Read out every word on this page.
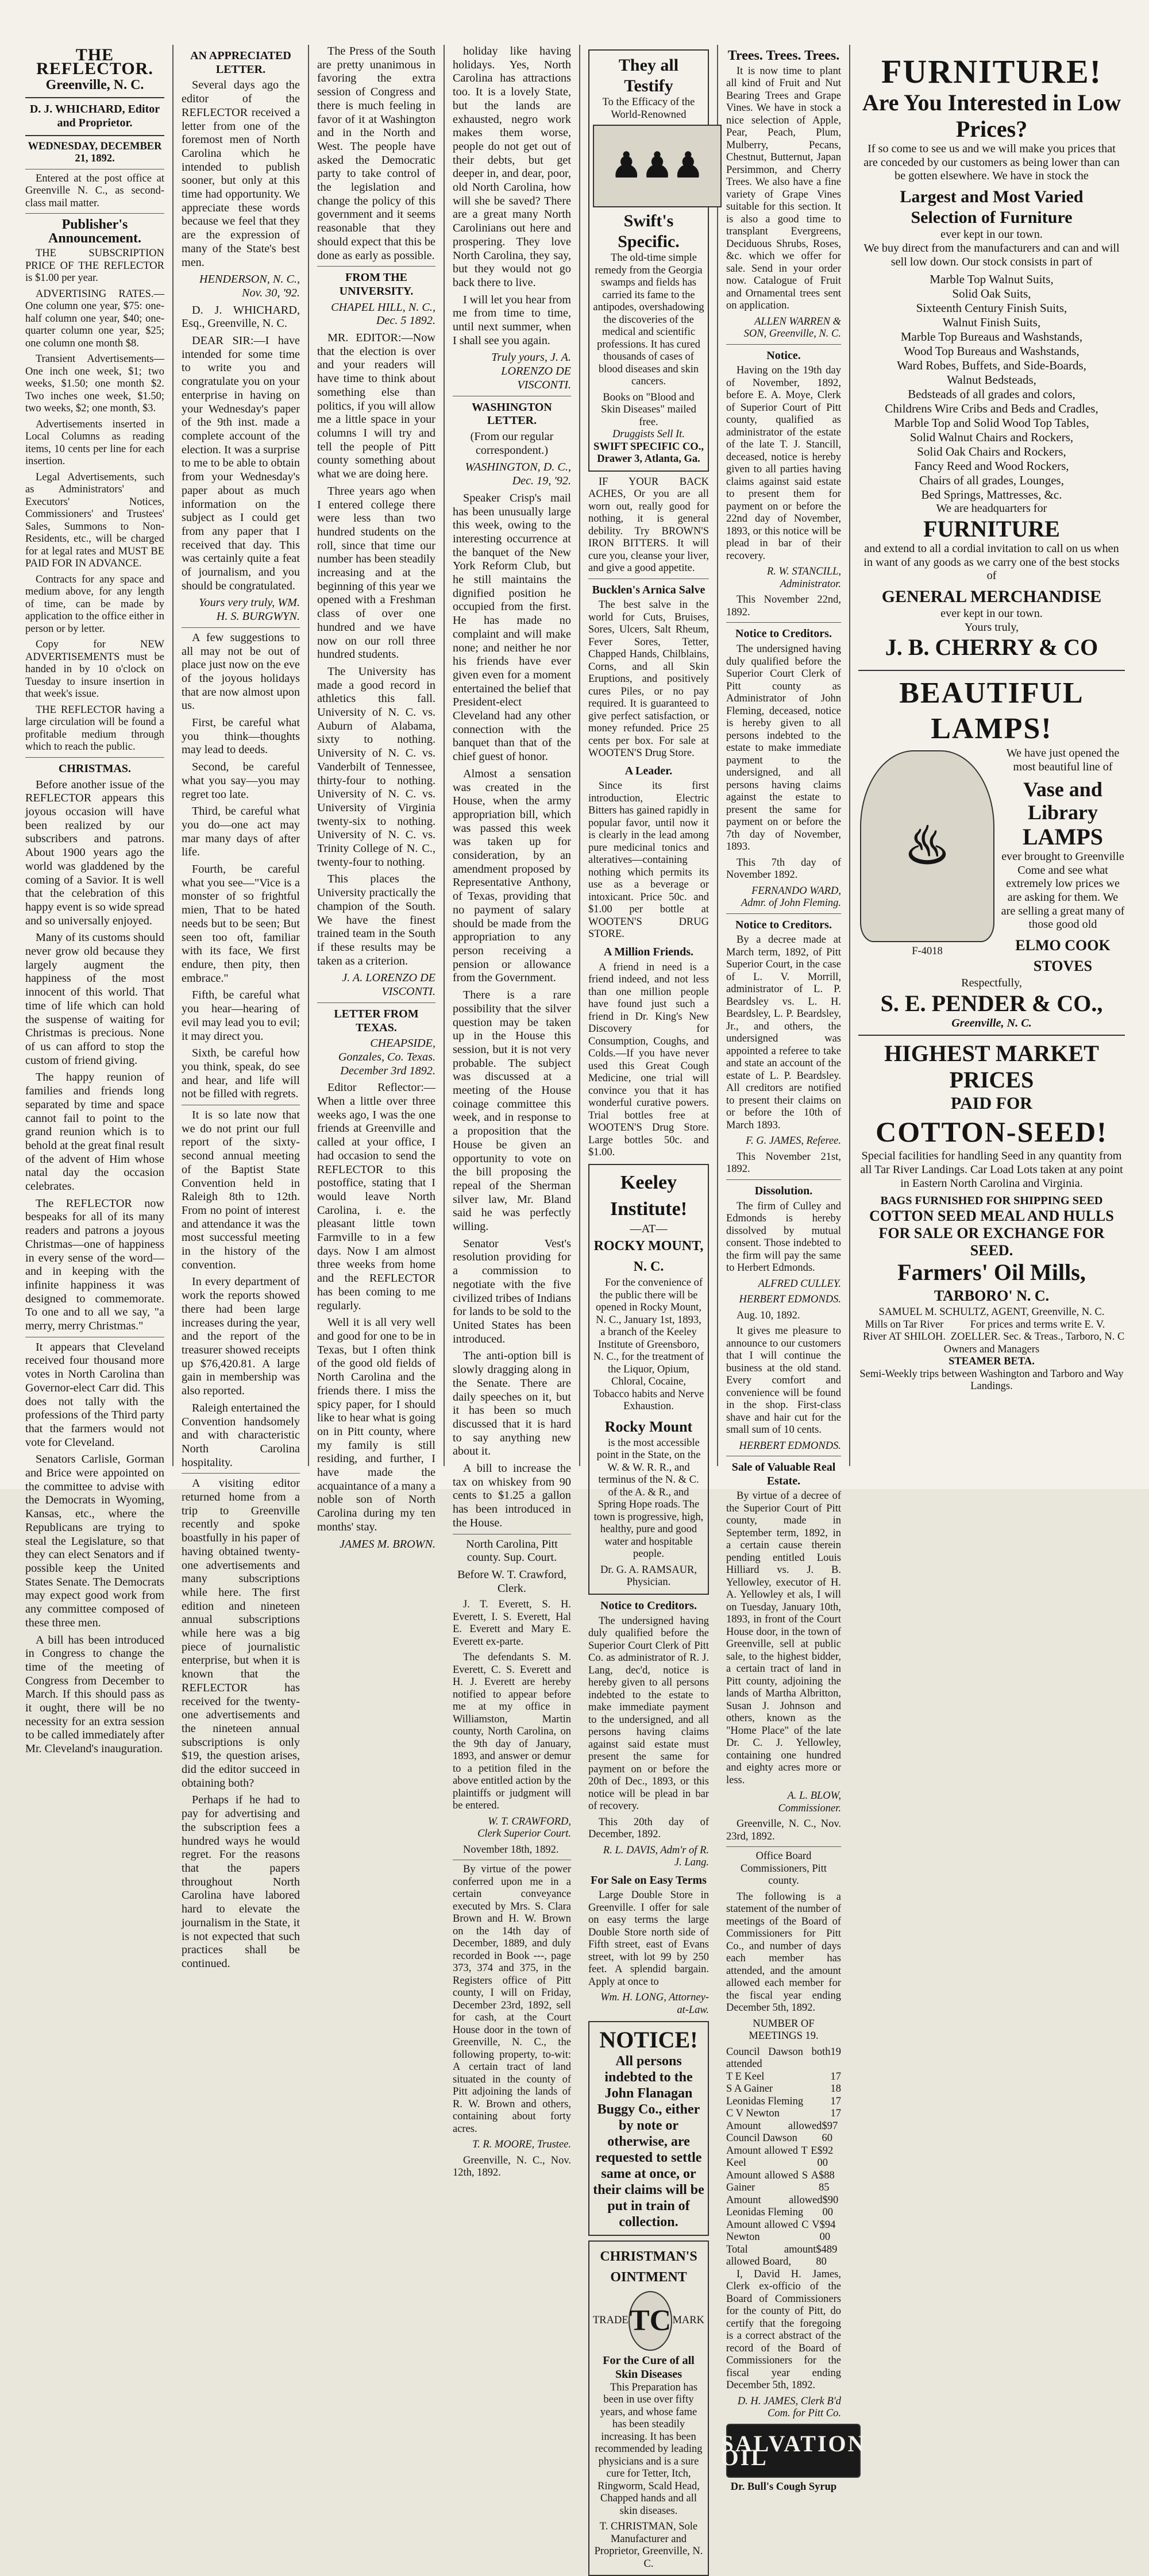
THE REFLECTOR.
Greenville, N. C.
D. J. WHICHARD, Editor and Proprietor.
WEDNESDAY, DECEMBER 21, 1892.

Entered at the post office at Greenville N. C., as second-class mail matter.

Publisher's Announcement.

THE SUBSCRIPTION PRICE OF THE REFLECTOR is $1.00 per year.

ADVERTISING RATES.—One column one year, $75: one-half column one year, $40; one-quarter column one year, $25; one column one month $8.

Transient Advertisements—One inch one week, $1; two weeks, $1.50; one month $2. Two inches one week, $1.50; two weeks, $2; one month, $3.

Advertisements inserted in Local Columns as reading items, 10 cents per line for each insertion.

Legal Advertisements, such as Administrators' and Executors' Notices, Commissioners' and Trustees' Sales, Summons to Non-Residents, etc., will be charged for at legal rates and MUST BE PAID FOR IN ADVANCE.

Contracts for any space and medium above, for any length of time, can be made by application to the office either in person or by letter.

Copy for NEW ADVERTISEMENTS must be handed in by 10 o'clock on Tuesday to insure insertion in that week's issue.

THE REFLECTOR having a large circulation will be found a profitable medium through which to reach the public.

CHRISTMAS.

Before another issue of the REFLECTOR appears this joyous occasion will have been realized by our subscribers and patrons. About 1900 years ago the world was gladdened by the coming of a Savior. It is well that the celebration of this happy event is so wide spread and so universally enjoyed.

Many of its customs should never grow old because they largely augment the happiness of the most innocent of this world. That time of life which can hold the suspense of waiting for Christmas is precious. None of us can afford to stop the custom of friend giving.

The happy reunion of families and friends long separated by time and space cannot fail to point to the grand reunion which is to behold at the great final result of the advent of Him whose natal day the occasion celebrates.

The REFLECTOR now bespeaks for all of its many readers and patrons a joyous Christmas—one of happiness in every sense of the word—and in keeping with the infinite happiness it was designed to commemorate. To one and to all we say, "a merry, merry Christmas."

It appears that Cleveland received four thousand more votes in North Carolina than Governor-elect Carr did. This does not tally with the professions of the Third party that the farmers would not vote for Cleveland.

Senators Carlisle, Gorman and Brice were appointed on the committee to advise with the Democrats in Wyoming, Kansas, etc., where the Republicans are trying to steal the Legislature, so that they can elect Senators and if possible keep the United States Senate. The Democrats may expect good work from any committee composed of these three men.

A bill has been introduced in Congress to change the time of the meeting of Congress from December to March. If this should pass as it ought, there will be no necessity for an extra session to be called immediately after Mr. Cleveland's inauguration.

AN APPRECIATED LETTER.

Several days ago the editor of the REFLECTOR received a letter from one of the foremost men of North Carolina which he intended to publish sooner, but only at this time had opportunity. We appreciate these words because we feel that they are the expression of many of the State's best men.

HENDERSON, N. C., Nov. 30, '92.

D. J. WHICHARD, Esq., Greenville, N. C.

DEAR SIR:—I have intended for some time to write you and congratulate you on your enterprise in having on your Wednesday's paper of the 9th inst. made a complete account of the election. It was a surprise to me to be able to obtain from your Wednesday's paper about as much information on the subject as I could get from any paper that I received that day. This was certainly quite a feat of journalism, and you should be congratulated.

Yours very truly, WM. H. S. BURGWYN.

A few suggestions to all may not be out of place just now on the eve of the joyous holidays that are now almost upon us.

First, be careful what you think—thoughts may lead to deeds.

Second, be careful what you say—you may regret too late.

Third, be careful what you do—one act may mar many days of after life.

Fourth, be careful what you see—"Vice is a monster of so frightful mien, That to be hated needs but to be seen; But seen too oft, familiar with its face, We first endure, then pity, then embrace."

Fifth, be careful what you hear—hearing of evil may lead you to evil; it may direct you.

Sixth, be careful how you think, speak, do see and hear, and life will not be filled with regrets.

It is so late now that we do not print our full report of the sixty-second annual meeting of the Baptist State Convention held in Raleigh 8th to 12th. From no point of interest and attendance it was the most successful meeting in the history of the convention.

In every department of work the reports showed there had been large increases during the year, and the report of the treasurer showed receipts up $76,420.81. A large gain in membership was also reported.

Raleigh entertained the Convention handsomely and with characteristic North Carolina hospitality.

A visiting editor returned home from a trip to Greenville recently and spoke boastfully in his paper of having obtained twenty-one advertisements and many subscriptions while here. The first edition and nineteen annual subscriptions while here was a big piece of journalistic enterprise, but when it is known that the REFLECTOR has received for the twenty-one advertisements and the nineteen annual subscriptions is only $19, the question arises, did the editor succeed in obtaining both?

Perhaps if he had to pay for advertising and the subscription fees a hundred ways he would regret. For the reasons that the papers throughout North Carolina have labored hard to elevate the journalism in the State, it is not expected that such practices shall be continued.

The Press of the South are pretty unanimous in favoring the extra session of Congress and there is much feeling in favor of it at Washington and in the North and West. The people have asked the Democratic party to take control of the legislation and change the policy of this government and it seems reasonable that they should expect that this be done as early as possible.

FROM THE UNIVERSITY.

CHAPEL HILL, N. C., Dec. 5 1892.

MR. EDITOR:—Now that the election is over and your readers will have time to think about something else than politics, if you will allow me a little space in your columns I will try and tell the people of Pitt county something about what we are doing here.

Three years ago when I entered college there were less than two hundred students on the roll, since that time our number has been steadily increasing and at the beginning of this year we opened with a Freshman class of over one hundred and we have now on our roll three hundred students.

The University has made a good record in athletics this fall. University of N. C. vs. Auburn of Alabama, sixty to nothing. University of N. C. vs. Vanderbilt of Tennessee, thirty-four to nothing. University of N. C. vs. University of Virginia twenty-six to nothing. University of N. C. vs. Trinity College of N. C., twenty-four to nothing.

This places the University practically the champion of the South. We have the finest trained team in the South if these results may be taken as a criterion.

J. A. LORENZO DE VISCONTI.

LETTER FROM TEXAS.

CHEAPSIDE, Gonzales, Co. Texas. December 3rd 1892.

Editor Reflector:—When a little over three weeks ago, I was the one friends at Greenville and called at your office, I had occasion to send the REFLECTOR to this postoffice, stating that I would leave North Carolina, i. e. the pleasant little town Farmville to in a few days. Now I am almost three weeks from home and the REFLECTOR has been coming to me regularly.

Well it is all very well and good for one to be in Texas, but I often think of the good old fields of North Carolina and the friends there. I miss the spicy paper, for I should like to hear what is going on in Pitt county, where my family is still residing, and further, I have made the acquaintance of a many a noble son of North Carolina during my ten months' stay.

JAMES M. BROWN.

holiday like having holidays. Yes, North Carolina has attractions too. It is a lovely State, but the lands are exhausted, negro work makes them worse, people do not get out of their debts, but get deeper in, and dear, poor, old North Carolina, how will she be saved? There are a great many North Carolinians out here and prospering. They love North Carolina, they say, but they would not go back there to live.

I will let you hear from me from time to time, until next summer, when I shall see you again.

Truly yours, J. A. LORENZO DE VISCONTI.

WASHINGTON LETTER.

(From our regular correspondent.)

WASHINGTON, D. C., Dec. 19, '92.

Speaker Crisp's mail has been unusually large this week, owing to the interesting occurrence at the banquet of the New York Reform Club, but he still maintains the dignified position he occupied from the first. He has made no complaint and will make none; and neither he nor his friends have ever given even for a moment entertained the belief that President-elect Cleveland had any other connection with the banquet than that of the chief guest of honor.

Almost a sensation was created in the House, when the army appropriation bill, which was passed this week was taken up for consideration, by an amendment proposed by Representative Anthony, of Texas, providing that no payment of salary should be made from the appropriation to any person receiving a pension or allowance from the Government.

There is a rare possibility that the silver question may be taken up in the House this session, but it is not very probable. The subject was discussed at a meeting of the House coinage committee this week, and in response to a proposition that the House be given an opportunity to vote on the bill proposing the repeal of the Sherman silver law, Mr. Bland said he was perfectly willing.

Senator Vest's resolution providing for a commission to negotiate with the five civilized tribes of Indians for lands to be sold to the United States has been introduced.

The anti-option bill is slowly dragging along in the Senate. There are daily speeches on it, but it has been so much discussed that it is hard to say anything new about it.

A bill to increase the tax on whiskey from 90 cents to $1.25 a gallon has been introduced in the House.

North Carolina, Pitt county. Sup. Court.

Before W. T. Crawford, Clerk.

J. T. Everett, S. H. Everett, I. S. Everett, Hal E. Everett and Mary E. Everett ex-parte.

The defendants S. M. Everett, C. S. Everett and H. J. Everett are hereby notified to appear before me at my office in Williamston, Martin county, North Carolina, on the 9th day of January, 1893, and answer or demur to a petition filed in the above entitled action by the plaintiffs or judgment will be entered.

W. T. CRAWFORD, Clerk Superior Court.

November 18th, 1892.

By virtue of the power conferred upon me in a certain conveyance executed by Mrs. S. Clara Brown and H. W. Brown on the 14th day of December, 1889, and duly recorded in Book ---, page 373, 374 and 375, in the Registers office of Pitt county, I will on Friday, December 23rd, 1892, sell for cash, at the Court House door in the town of Greenville, N. C., the following property, to-wit: A certain tract of land situated in the county of Pitt adjoining the lands of R. W. Brown and others, containing about forty acres.

T. R. MOORE, Trustee.

Greenville, N. C., Nov. 12th, 1892.

They all Testify
To the Efficacy of the World-Renowned
♟♟♟
Swift's Specific.

The old-time simple remedy from the Georgia swamps and fields has carried its fame to the antipodes, overshadowing the discoveries of the medical and scientific professions. It has cured thousands of cases of blood diseases and skin cancers.

Books on "Blood and Skin Diseases" mailed free.
Druggists Sell It.
SWIFT SPECIFIC CO., Drawer 3, Atlanta, Ga.

IF YOUR BACK ACHES, Or you are all worn out, really good for nothing, it is general debility. Try BROWN'S IRON BITTERS. It will cure you, cleanse your liver, and give a good appetite.

Bucklen's Arnica Salve

The best salve in the world for Cuts, Bruises, Sores, Ulcers, Salt Rheum, Fever Sores, Tetter, Chapped Hands, Chilblains, Corns, and all Skin Eruptions, and positively cures Piles, or no pay required. It is guaranteed to give perfect satisfaction, or money refunded. Price 25 cents per box. For sale at WOOTEN'S Drug Store.

A Leader.

Since its first introduction, Electric Bitters has gained rapidly in popular favor, until now it is clearly in the lead among pure medicinal tonics and alteratives—containing nothing which permits its use as a beverage or intoxicant. Price 50c. and $1.00 per bottle at WOOTEN'S DRUG STORE.

A Million Friends.

A friend in need is a friend indeed, and not less than one million people have found just such a friend in Dr. King's New Discovery for Consumption, Coughs, and Colds.—If you have never used this Great Cough Medicine, one trial will convince you that it has wonderful curative powers. Trial bottles free at WOOTEN'S Drug Store. Large bottles 50c. and $1.00.

Keeley Institute!
—AT—
ROCKY MOUNT, N. C.

For the convenience of the public there will be opened in Rocky Mount, N. C., January 1st, 1893, a branch of the Keeley Institute of Greensboro, N. C., for the treatment of the Liquor, Opium, Chloral, Cocaine, Tobacco habits and Nerve Exhaustion.

Rocky Mount

is the most accessible point in the State, on the W. & W. R. R., and terminus of the N. & C. of the A. & R., and Spring Hope roads. The town is progressive, high, healthy, pure and good water and hospitable people.

Dr. G. A. RAMSAUR, Physician.
Notice to Creditors.

The undersigned having duly qualified before the Superior Court Clerk of Pitt Co. as administrator of R. J. Lang, dec'd, notice is hereby given to all persons indebted to the estate to make immediate payment to the undersigned, and all persons having claims against said estate must present the same for payment on or before the 20th of Dec., 1893, or this notice will be plead in bar of recovery.

This 20th day of December, 1892.

R. L. DAVIS, Adm'r of R. J. Lang.

For Sale on Easy Terms

Large Double Store in Greenville. I offer for sale on easy terms the large Double Store north side of Fifth street, east of Evans street, with lot 99 by 250 feet. A splendid bargain. Apply at once to

Wm. H. LONG, Attorney-at-Law.

NOTICE!
All persons indebted to the John Flanagan Buggy Co., either by note or otherwise, are requested to settle same at once, or their claims will be put in train of collection.
CHRISTMAN'S OINTMENT
TRADE TC MARK
For the Cure of all Skin Diseases

This Preparation has been in use over fifty years, and whose fame has been steadily increasing. It has been recommended by leading physicians and is a sure cure for Tetter, Itch, Ringworm, Scald Head, Chapped hands and all skin diseases.

T. CHRISTMAN, Sole Manufacturer and Proprietor, Greenville, N. C.
Trees. Trees. Trees.

It is now time to plant all kind of Fruit and Nut Bearing Trees and Grape Vines. We have in stock a nice selection of Apple, Pear, Peach, Plum, Mulberry, Pecans, Chestnut, Butternut, Japan Persimmon, and Cherry Trees. We also have a fine variety of Grape Vines suitable for this section. It is also a good time to transplant Evergreens, Deciduous Shrubs, Roses, &c. which we offer for sale. Send in your order now. Catalogue of Fruit and Ornamental trees sent on application.

ALLEN WARREN & SON, Greenville, N. C.

Notice.

Having on the 19th day of November, 1892, before E. A. Moye, Clerk of Superior Court of Pitt county, qualified as administrator of the estate of the late T. J. Stancill, deceased, notice is hereby given to all parties having claims against said estate to present them for payment on or before the 22nd day of November, 1893, or this notice will be plead in bar of their recovery.

R. W. STANCILL, Administrator.

This November 22nd, 1892.

Notice to Creditors.

The undersigned having duly qualified before the Superior Court Clerk of Pitt county as Administrator of John Fleming, deceased, notice is hereby given to all persons indebted to the estate to make immediate payment to the undersigned, and all persons having claims against the estate to present the same for payment on or before the 7th day of November, 1893.

This 7th day of November 1892.

FERNANDO WARD, Admr. of John Fleming.

Notice to Creditors.

By a decree made at March term, 1892, of Pitt Superior Court, in the case of L. V. Morrill, administrator of L. P. Beardsley vs. L. H. Beardsley, L. P. Beardsley, Jr., and others, the undersigned was appointed a referee to take and state an account of the estate of L. P. Beardsley. All creditors are notified to present their claims on or before the 10th of March 1893.

F. G. JAMES, Referee.

This November 21st, 1892.

Dissolution.

The firm of Culley and Edmonds is hereby dissolved by mutual consent. Those indebted to the firm will pay the same to Herbert Edmonds.

ALFRED CULLEY.

HERBERT EDMONDS.

Aug. 10, 1892.

It gives me pleasure to announce to our customers that I will continue the business at the old stand. Every comfort and convenience will be found in the shop. First-class shave and hair cut for the small sum of 10 cents.

HERBERT EDMONDS.

Sale of Valuable Real Estate.

By virtue of a decree of the Superior Court of Pitt county, made in September term, 1892, in a certain cause therein pending entitled Louis Hilliard vs. J. B. Yellowley, executor of H. A. Yellowley et als, I will on Tuesday, January 10th, 1893, in front of the Court House door, in the town of Greenville, sell at public sale, to the highest bidder, a certain tract of land in Pitt county, adjoining the lands of Martha Albritton, Susan J. Johnson and others, known as the "Home Place" of the late Dr. C. J. Yellowley, containing one hundred and eighty acres more or less.

A. L. BLOW, Commissioner.

Greenville, N. C., Nov. 23rd, 1892.

Office Board Commissioners, Pitt county.

The following is a statement of the number of meetings of the Board of Commissioners for Pitt Co., and number of days each member has attended, and the amount allowed each member for the fiscal year ending December 5th, 1892.

NUMBER OF MEETINGS 19.

Council Dawson both attended
19
T E Keel	17
S A Gainer	18
Leonidas Fleming	17
C V Newton	17
Amount allowed Council Dawson
$97 60
Amount allowed T E Keel
$92 00
Amount allowed S A Gainer
$88 85
Amount allowed Leonidas Fleming
$90 00
Amount allowed C V Newton
$94 00
Total amount allowed Board,
$489 80

I, David H. James, Clerk ex-officio of the Board of Commissioners for the county of Pitt, do certify that the foregoing is a correct abstract of the record of the Board of Commissioners for the fiscal year ending December 5th, 1892.

D. H. JAMES, Clerk B'd Com. for Pitt Co.

SALVATION OIL
Dr. Bull's Cough Syrup
FURNITURE!
Are You Interested in Low Prices?

If so come to see us and we will make you prices that are conceded by our customers as being lower than can be gotten elsewhere. We have in stock the

Largest and Most Varied
Selection of Furniture
ever kept in our town.

We buy direct from the manufacturers and can and will sell low down. Our stock consists in part of

Marble Top Walnut Suits,
Solid Oak Suits,
Sixteenth Century Finish Suits,
Walnut Finish Suits,
Marble Top Bureaus and Washstands,
Wood Top Bureaus and Washstands,
Ward Robes, Buffets, and Side-Boards,
Walnut Bedsteads,
Bedsteads of all grades and colors,
Childrens Wire Cribs and Beds and Cradles,
Marble Top and Solid Wood Top Tables,
Solid Walnut Chairs and Rockers,
Solid Oak Chairs and Rockers,
Fancy Reed and Wood Rockers,
Chairs of all grades, Lounges,
Bed Springs, Mattresses, &c.
We are headquarters for
FURNITURE

and extend to all a cordial invitation to call on us when in want of any goods as we carry one of the best stocks of

GENERAL MERCHANDISE
ever kept in our town.
Yours truly,
J. B. CHERRY & CO
BEAUTIFUL LAMPS!
♨
F-4018

We have just opened the most beautiful line of

Vase and Library
LAMPS

ever brought to Greenville Come and see what extremely low prices we are asking for them. We are selling a great many of those good old

ELMO COOK STOVES
Respectfully,
S. E. PENDER & CO.,
Greenville, N. C.
HIGHEST MARKET PRICES
PAID FOR
COTTON-SEED!

Special facilities for handling Seed in any quantity from all Tar River Landings. Car Load Lots taken at any point in Eastern North Carolina and Virginia.

BAGS FURNISHED FOR SHIPPING SEED
COTTON SEED MEAL AND HULLS FOR SALE OR EXCHANGE FOR SEED.
Farmers' Oil Mills,
TARBORO' N. C.
SAMUEL M. SCHULTZ, AGENT, Greenville, N. C.
Mills on Tar River River AT SHILOH.
For prices and terms write E. V. ZOELLER. Sec. & Treas., Tarboro, N. C
Owners and Managers
STEAMER BETA.
Semi-Weekly trips between Washington and Tarboro and Way Landings.
